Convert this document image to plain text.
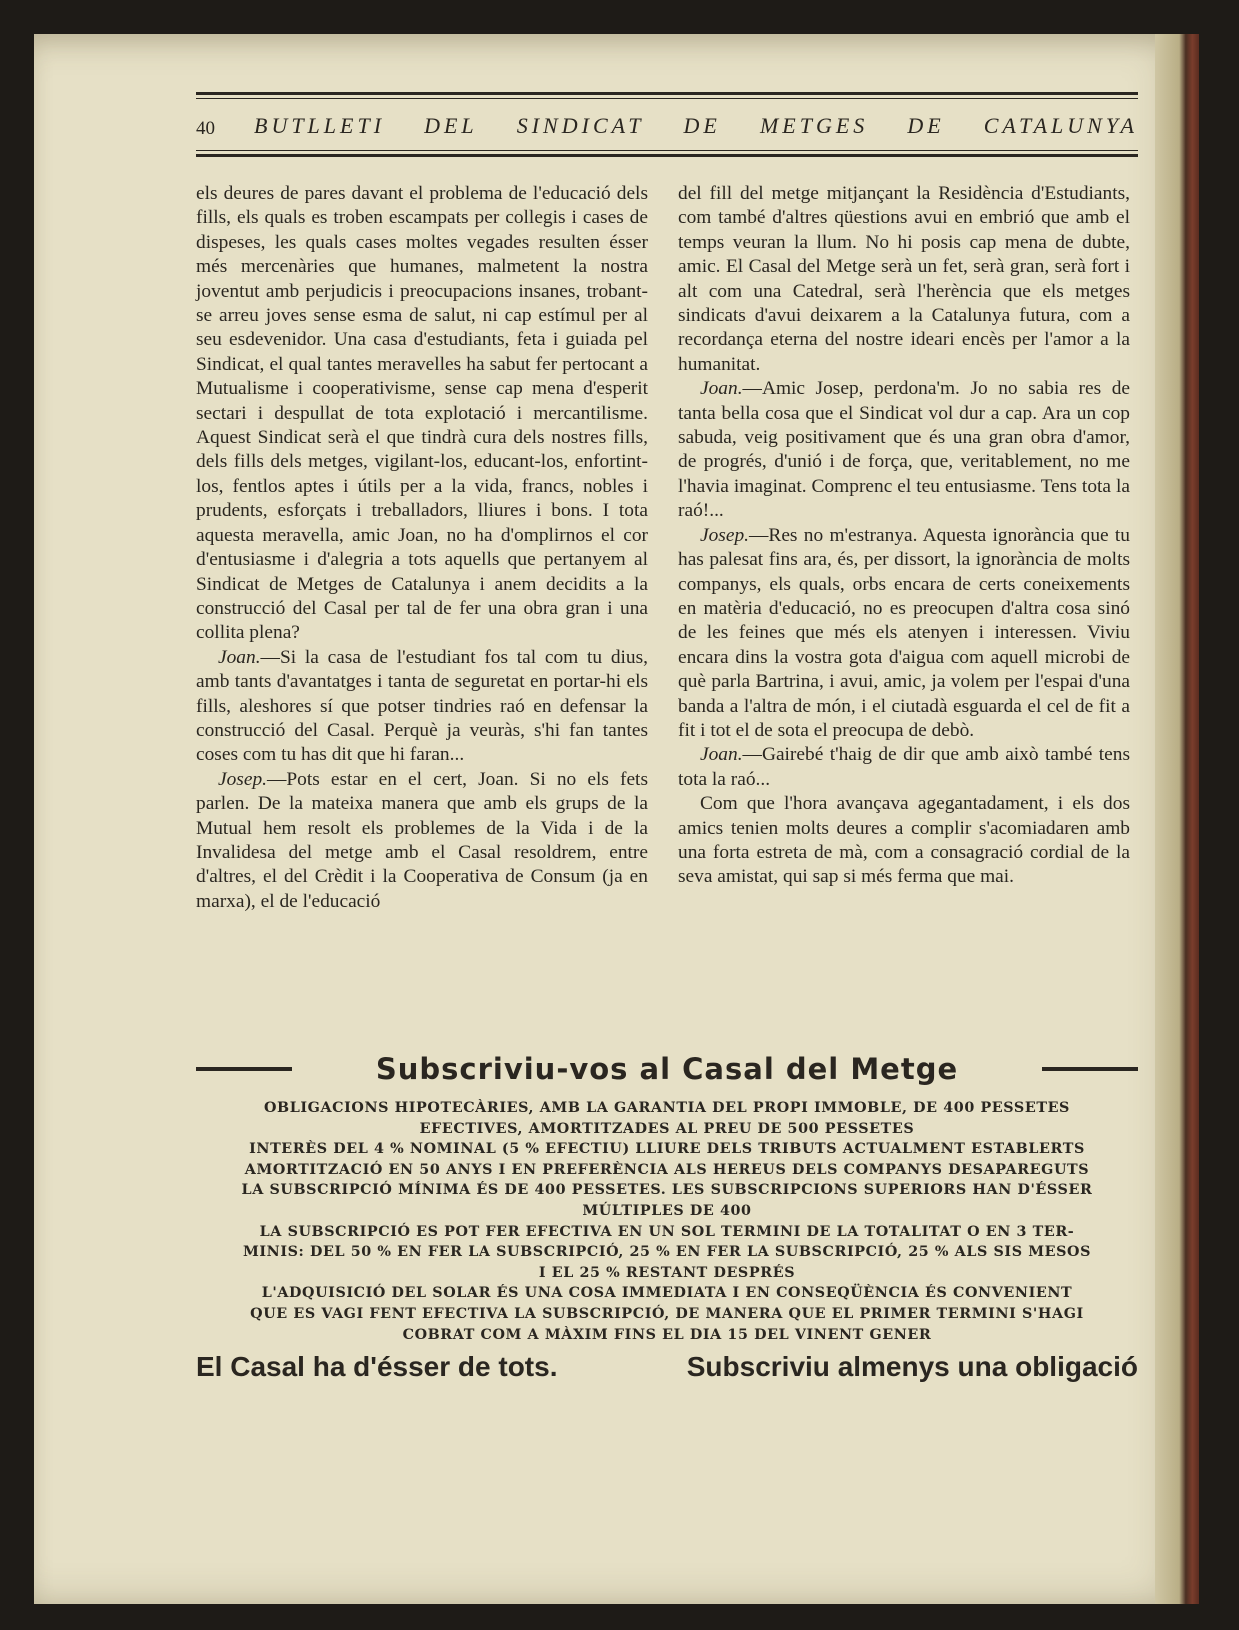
40 BUTLLETI DEL SINDICAT DE METGES DE CATALUNYA

els deures de pares davant el problema de l'educació dels fills, els quals es troben escampats per collegis i cases de dispeses, les quals cases moltes vegades resulten ésser més mercenàries que humanes, malmetent la nostra joventut amb perjudicis i preocupacions insanes, trobant-se arreu joves sense esma de salut, ni cap estímul per al seu esdevenidor. Una casa d'estudiants, feta i guiada pel Sindicat, el qual tantes meravelles ha sabut fer pertocant a Mutualisme i cooperativisme, sense cap mena d'esperit sectari i despullat de tota explotació i mercantilisme. Aquest Sindicat serà el que tindrà cura dels nostres fills, dels fills dels metges, vigilant-los, educant-los, enfortint-los, fentlos aptes i útils per a la vida, francs, nobles i prudents, esforçats i treballadors, lliures i bons. I tota aquesta meravella, amic Joan, no ha d'omplirnos el cor d'entusiasme i d'alegria a tots aquells que pertanyem al Sindicat de Metges de Catalunya i anem decidits a la construcció del Casal per tal de fer una obra gran i una collita plena?

Joan.—Si la casa de l'estudiant fos tal com tu dius, amb tants d'avantatges i tanta de seguretat en portar-hi els fills, aleshores sí que potser tindries raó en defensar la construcció del Casal. Perquè ja veuràs, s'hi fan tantes coses com tu has dit que hi faran...

Josep.—Pots estar en el cert, Joan. Si no els fets parlen. De la mateixa manera que amb els grups de la Mutual hem resolt els problemes de la Vida i de la Invalidesa del metge amb el Casal resoldrem, entre d'altres, el del Crèdit i la Cooperativa de Consum (ja en marxa), el de l'educació

del fill del metge mitjançant la Residència d'Estudiants, com també d'altres qüestions avui en embrió que amb el temps veuran la llum. No hi posis cap mena de dubte, amic. El Casal del Metge serà un fet, serà gran, serà fort i alt com una Catedral, serà l'herència que els metges sindicats d'avui deixarem a la Catalunya futura, com a recordança eterna del nostre ideari encès per l'amor a la humanitat.

Joan.—Amic Josep, perdona'm. Jo no sabia res de tanta bella cosa que el Sindicat vol dur a cap. Ara un cop sabuda, veig positivament que és una gran obra d'amor, de progrés, d'unió i de força, que, veritablement, no me l'havia imaginat. Comprenc el teu entusiasme. Tens tota la raó!...

Josep.—Res no m'estranya. Aquesta ignorància que tu has palesat fins ara, és, per dissort, la ignorància de molts companys, els quals, orbs encara de certs coneixements en matèria d'educació, no es preocupen d'altra cosa sinó de les feines que més els atenyen i interessen. Viviu encara dins la vostra gota d'aigua com aquell microbi de què parla Bartrina, i avui, amic, ja volem per l'espai d'una banda a l'altra de món, i el ciutadà esguarda el cel de fit a fit i tot el de sota el preocupa de debò.

Joan.—Gairebé t'haig de dir que amb això també tens tota la raó...

Com que l'hora avançava agegantadament, i els dos amics tenien molts deures a complir s'acomiadaren amb una forta estreta de mà, com a consagració cordial de la seva amistat, qui sap si més ferma que mai.

Subscriviu-vos al Casal del Metge
OBLIGACIONS HIPOTECÀRIES, AMB LA GARANTIA DEL PROPI IMMOBLE, DE 400 PESSETES
EFECTIVES, AMORTITZADES AL PREU DE 500 PESSETES
INTERÈS DEL 4 % NOMINAL (5 % EFECTIU) LLIURE DELS TRIBUTS ACTUALMENT ESTABLERTS
AMORTITZACIÓ EN 50 ANYS I EN PREFERÈNCIA ALS HEREUS DELS COMPANYS DESAPAREGUTS
LA SUBSCRIPCIÓ MÍNIMA ÉS DE 400 PESSETES. LES SUBSCRIPCIONS SUPERIORS HAN D'ÉSSER
MÚLTIPLES DE 400
LA SUBSCRIPCIÓ ES POT FER EFECTIVA EN UN SOL TERMINI DE LA TOTALITAT O EN 3 TER-
MINIS: DEL 50 % EN FER LA SUBSCRIPCIÓ, 25 % EN FER LA SUBSCRIPCIÓ, 25 % ALS SIS MESOS
I EL 25 % RESTANT DESPRÉS
L'ADQUISICIÓ DEL SOLAR ÉS UNA COSA IMMEDIATA I EN CONSEQÜÈNCIA ÉS CONVENIENT
QUE ES VAGI FENT EFECTIVA LA SUBSCRIPCIÓ, DE MANERA QUE EL PRIMER TERMINI S'HAGI
COBRAT COM A MÀXIM FINS EL DIA 15 DEL VINENT GENER
El Casal ha d'ésser de tots.	Subscriviu almenys una obligació
